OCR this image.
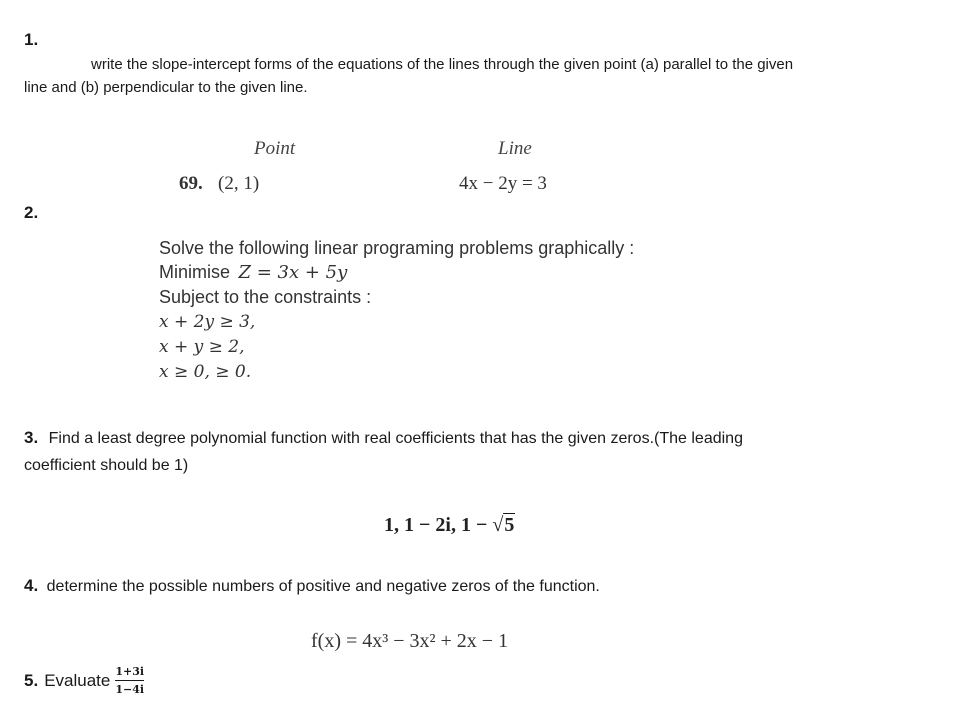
1.
write the slope-intercept forms of the equations of the lines through the given point (a) parallel to the given
line and (b) perpendicular to the given line.
Point	Line
69. (2, 1)	4x − 2y = 3
2.
Solve the following linear programing problems graphically :
Minimise Z = 3x + 5y
Subject to the constraints :
x + 2y ≥ 3,
x + y ≥ 2,
x ≥ 0, ≥ 0.
3. Find a least degree polynomial function with real coefficients that has the given zeros.(The leading
coefficient should be 1)
1, 1 − 2i, 1 − √5
4. determine the possible numbers of positive and negative zeros of the function.
f(x) = 4x³ − 3x² + 2x − 1
5. Evaluate $\frac{1+3i}{1-4i}$
